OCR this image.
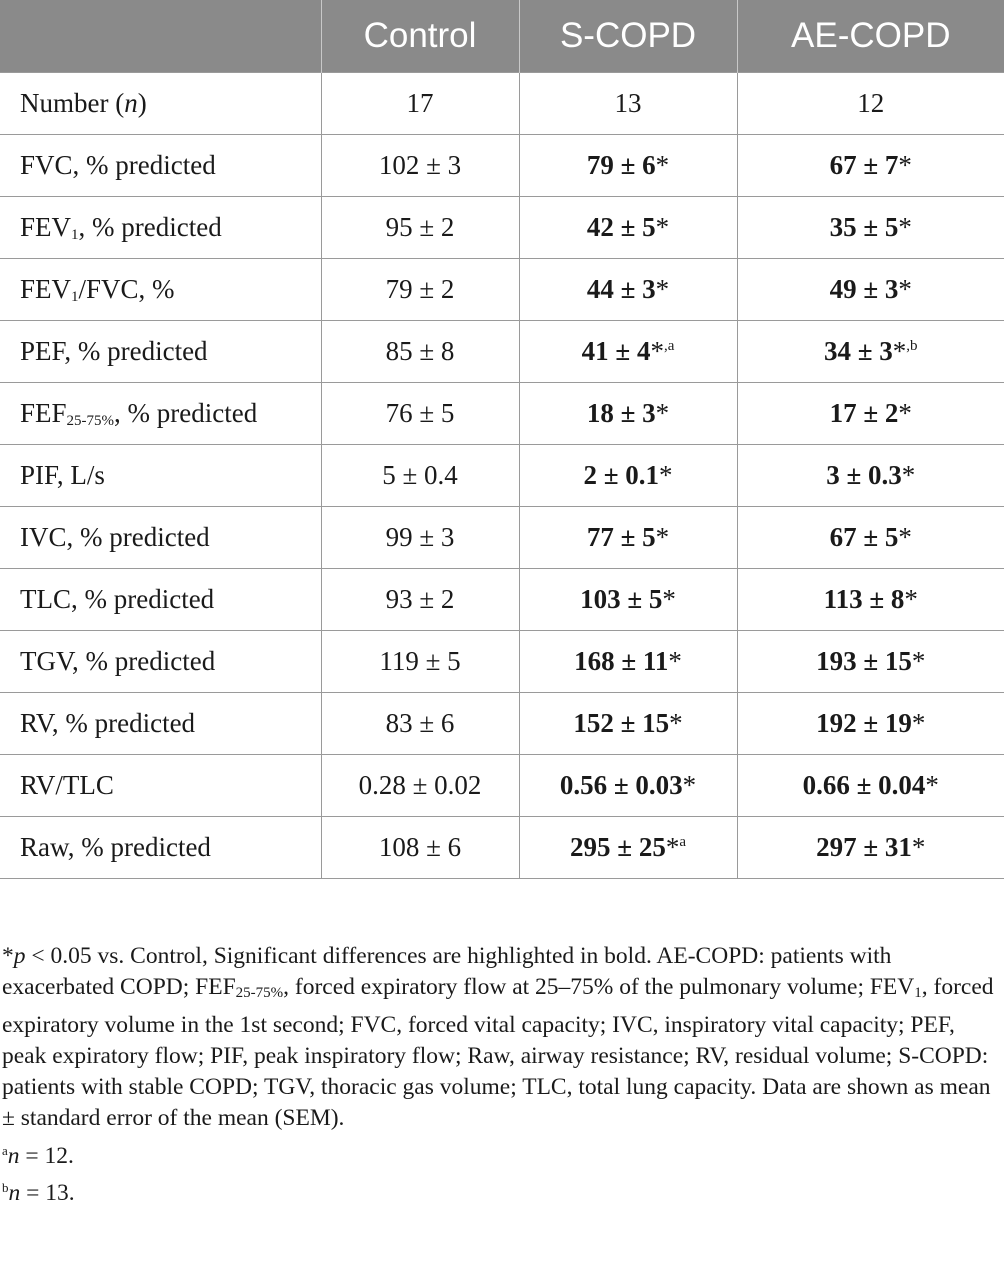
	Control	S-COPD	AE-COPD
Number (n)	17	13	12
FVC, % predicted	102 ± 3	79 ± 6*	67 ± 7*
$FEV_1$, % predicted	95 ± 2	42 ± 5*	35 ± 5*
$FEV_1$/FVC, %	79 ± 2	44 ± 3*	49 ± 3*
PEF, % predicted	85 ± 8	41 ± 4*$^{,a}$	34 ± 3*$^{,b}$
$FEF_{25-75\%}$, % predicted	76 ± 5	18 ± 3*	17 ± 2*
PIF, L/s	5 ± 0.4	2 ± 0.1*	3 ± 0.3*
IVC, % predicted	99 ± 3	77 ± 5*	67 ± 5*
TLC, % predicted	93 ± 2	103 ± 5*	113 ± 8*
TGV, % predicted	119 ± 5	168 ± 11*	193 ± 15*
RV, % predicted	83 ± 6	152 ± 15*	192 ± 19*
RV/TLC	0.28 ± 0.02	0.56 ± 0.03*	0.66 ± 0.04*
Raw, % predicted	108 ± 6	295 ± 25*$^a$	297 ± 31*

*p < 0.05 vs. Control, Significant differences are highlighted in bold. AE-COPD: patients with exacerbated COPD; $FEF_{25-75\%}$, forced expiratory flow at 25–75% of the pulmonary volume; $FEV_1$, forced expiratory volume in the 1st second; FVC, forced vital capacity; IVC, inspiratory vital capacity; PEF, peak expiratory flow; PIF, peak inspiratory flow; Raw, airway resistance; RV, residual volume; S-COPD: patients with stable COPD; TGV, thoracic gas volume; TLC, total lung capacity. Data are shown as mean ± standard error of the mean (SEM).

$^a$n = 12.

$^b$n = 13.
